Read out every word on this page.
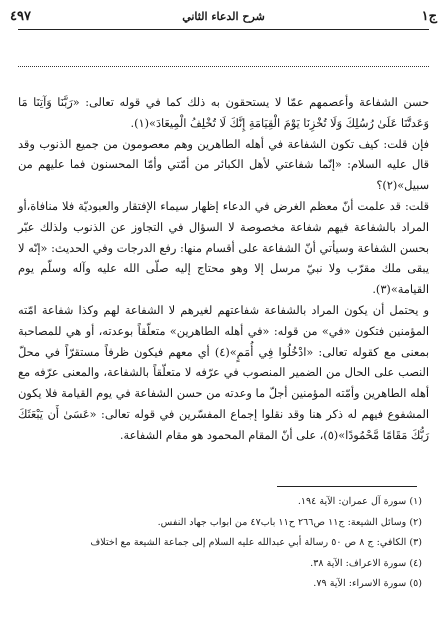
ج١
شرح الدعاء الثاني
٤٩٧

حسن الشفاعة وأعصمهم عمّا لا يستحقون به ذلك كما في قوله تعالى: «رَبَّنَا وَآتِنَا مَا وَعَدتَّنَا عَلَىٰ رُسُلِكَ وَلَا تُخْزِنَا يَوْمَ الْقِيَامَةِ إِنَّكَ لَا تُخْلِفُ الْمِيعَادَ»(١).

فإن قلت: كيف تكون الشفاعة في أهله الطاهرين وهم معصومون من جميع الذنوب وقد قال عليه السلام: «إنّما شفاعتي لأهل الكبائر من أمّتي وأمّا المحسنون فما عليهم من سبيل»(٢)؟

قلت: قد علمت أنّ معظم الغرض في الدعاء إظهار سيماء الإفتقار والعبوديّة فلا منافاة،أو المراد بالشفاعة فيهم شفاعة مخصوصة لا السؤال في التجاوز عن الذنوب ولذلك عبّر بحسن الشفاعة وسيأتي أنّ الشفاعة على أقسام منها: رفع الدرجات وفي الحديث: «إنّه لا يبقى ملك مقرّب ولا نبيّ مرسل إلا وهو محتاج إليه صلّى الله عليه وآله وسلّم يوم القيامة»(٣).

و يحتمل أن يكون المراد بالشفاعة شفاعتهم لغيرهم لا الشفاعة لهم وكذا شفاعة امّته المؤمنين فتكون «في» من قوله: «في أهله الطاهرين» متعلّقاً بوعدته، أو هي للمصاحبة بمعنى مع كقوله تعالى: «ادْخُلُوا فِي أُمَمٍ»(٤) أي معهم فيكون ظرفاً مستقرّاً في محلّ النصب على الحال من الضمير المنصوب في عرّفه لا متعلّقاً بالشفاعة، والمعنى عرّفه مع أهله الطاهرين وأمّته المؤمنين أجلّ ما وعدته من حسن الشفاعة في يوم القيامة فلا يكون المشفوع فيهم له ذكر هنا وقد نقلوا إجماع المفسّرين في قوله تعالى: «عَسَىٰ أَن يَبْعَثَكَ رَبُّكَ مَقَامًا مَّحْمُودًا»(٥)، على أنّ المقام المحمود هو مقام الشفاعة.

(١) سورة آل عمران: الآية ١٩٤.

(٢) وسائل الشيعة: ج١١ ص٢٦٦ ح١١ باب٤٧ من ابواب جهاد النفس.

(٣) الكافي: ج ٨ ص ٥٠ رسالة أبي عبدالله عليه السلام إلى جماعة الشيعة مع اختلاف

(٤) سورة الاعراف: الآية ٣٨.

(٥) سورة الاسراء: الآية ٧٩.
